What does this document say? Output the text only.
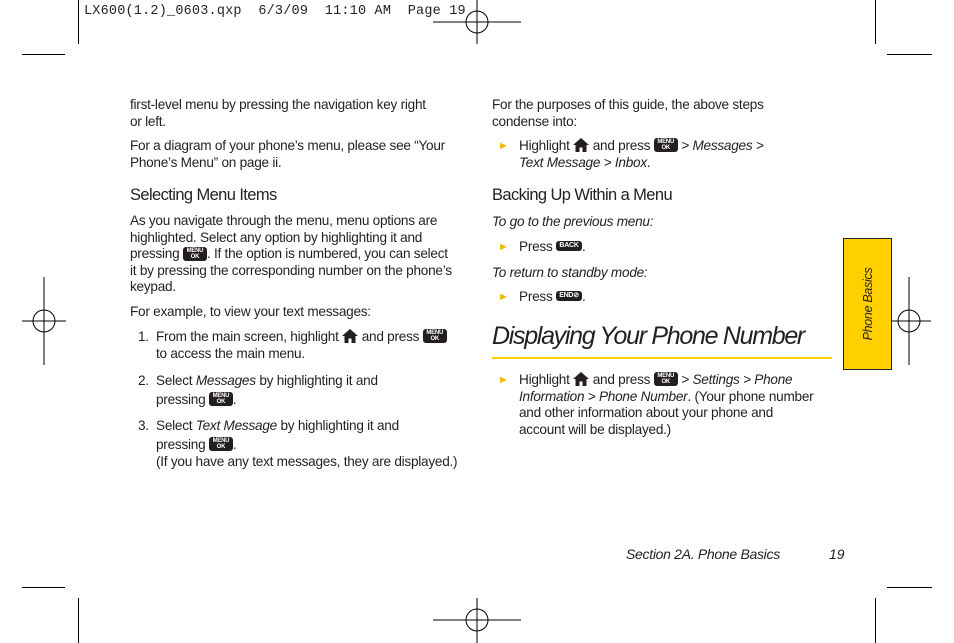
LX600(1.2)_0603.qxp  6/3/09  11:10 AM  Page 19
first-level menu by pressing the navigation key right
or left.
For a diagram of your phone’s menu, please see “Your
Phone’s Menu” on page ii.
Selecting Menu Items
As you navigate through the menu, menu options are
highlighted. Select any option by highlighting it and
pressing MENU
OK . If the option is numbered, you can select
it by pressing the corresponding number on the phone’s
keypad.
For example, to view your text messages:
1. From the main screen, highlight and press MENU
OK
to access the main menu.
2. Select Messages by highlighting it and
pressing MENU
OK .
3. Select Text Message by highlighting it and
pressing MENU
OK .
(If you have any text messages, they are displayed.)
For the purposes of this guide, the above steps
condense into:
► Highlight and press MENU
OK > Messages >
Text Message > Inbox.
Backing Up Within a Menu
To go to the previous menu:
► Press BACK .
To return to standby mode:
► Press END⊘ .
Displaying Your Phone Number
► Highlight and press MENU
OK > Settings > Phone
Information > Phone Number. (Your phone number
and other information about your phone and
account will be displayed.)
Phone Basics
Section 2A. Phone Basics	19
